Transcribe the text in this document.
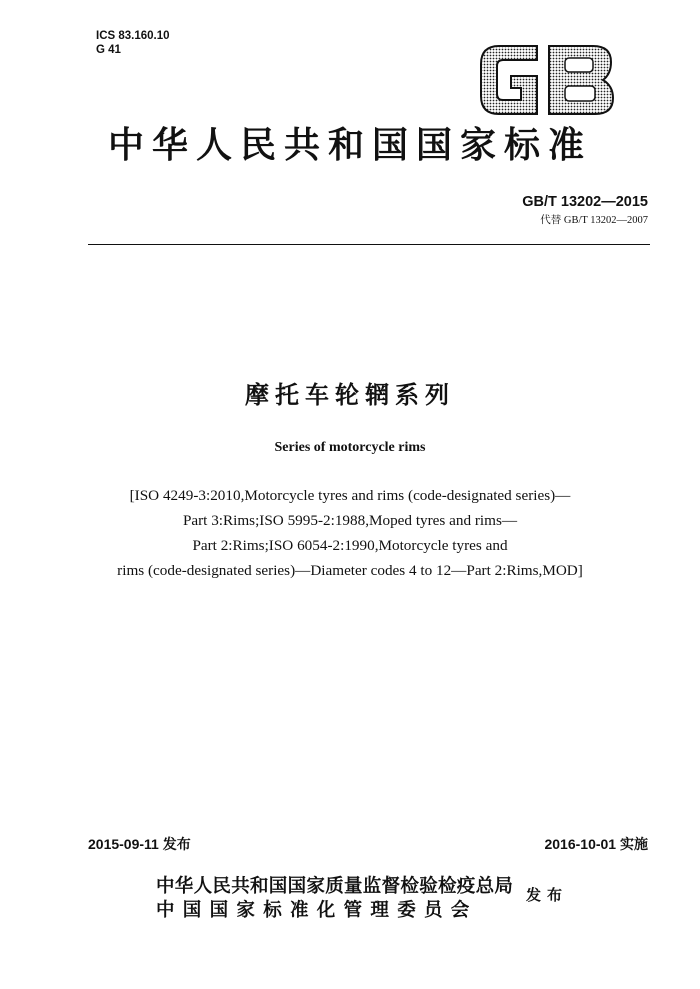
ICS 83.160.10
G 41
GB
中华人民共和国国家标准
GB/T 13202—2015
代替 GB/T 13202—2007
摩托车轮辋系列
Series of motorcycle rims
[ISO 4249-3:2010,Motorcycle tyres and rims (code-designated series)—
Part 3:Rims;ISO 5995-2:1988,Moped tyres and rims—
Part 2:Rims;ISO 6054-2:1990,Motorcycle tyres and
rims (code-designated series)—Diameter codes 4 to 12—Part 2:Rims,MOD]
2015-09-11 发布	2016-10-01 实施
中华人民共和国国家质量监督检验检疫总局
中国国家标准化管理委员会
发布
